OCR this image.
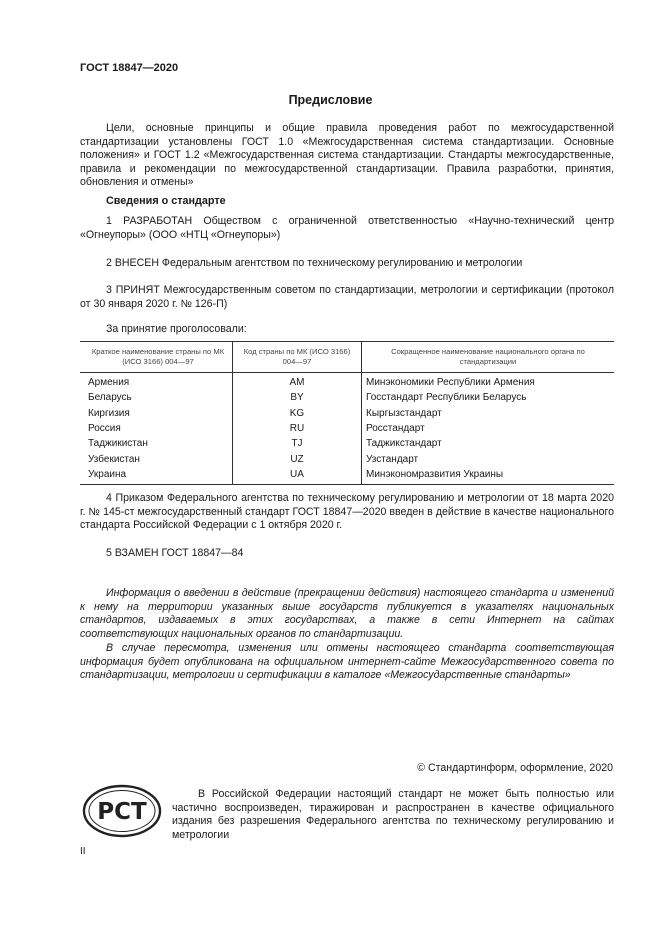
ГОСТ 18847—2020
Предисловие
Цели, основные принципы и общие правила проведения работ по межгосударственной стандартизации установлены ГОСТ 1.0 «Межгосударственная система стандартизации. Основные положения» и ГОСТ 1.2 «Межгосударственная система стандартизации. Стандарты межгосударственные, правила и рекомендации по межгосударственной стандартизации. Правила разработки, принятия, обновления и отмены»
Сведения о стандарте
1 РАЗРАБОТАН Обществом с ограниченной ответственностью «Научно-технический центр «Огнеупоры» (ООО «НТЦ «Огнеупоры»)
2 ВНЕСЕН Федеральным агентством по техническому регулированию и метрологии
3 ПРИНЯТ Межгосударственным советом по стандартизации, метрологии и сертификации (протокол от 30 января 2020 г. № 126-П)
За принятие проголосовали:
Краткое наименование страны по МК (ИСО 3166) 004—97	Код страны по МК (ИСО 3166) 004—97	Сокращенное наименование национального органа по стандартизации
Армения	AM	Минэкономики Республики Армения
Беларусь	BY	Госстандарт Республики Беларусь
Киргизия	KG	Кыргызстандарт
Россия	RU	Росстандарт
Таджикистан	TJ	Таджикстандарт
Узбекистан	UZ	Узстандарт
Украина	UA	Минэкономразвития Украины
4 Приказом Федерального агентства по техническому регулированию и метрологии от 18 марта 2020 г. № 145-ст межгосударственный стандарт ГОСТ 18847—2020 введен в действие в качестве национального стандарта Российской Федерации с 1 октября 2020 г.
5 ВЗАМЕН ГОСТ 18847—84
Информация о введении в действие (прекращении действия) настоящего стандарта и изменений к нему на территории указанных выше государств публикуется в указателях национальных стандартов, издаваемых в этих государствах, а также в сети Интернет на сайтах соответствующих национальных органов по стандартизации.
В случае пересмотра, изменения или отмены настоящего стандарта соответствующая информация будет опубликована на официальном интернет-сайте Межгосударственного совета по стандартизации, метрологии и сертификации в каталоге «Межгосударственные стандарты»
© Стандартинформ, оформление, 2020
РСТ
В Российской Федерации настоящий стандарт не может быть полностью или частично воспроизведен, тиражирован и распространен в качестве официального издания без разрешения Федерального агентства по техническому регулированию и метрологии
II
